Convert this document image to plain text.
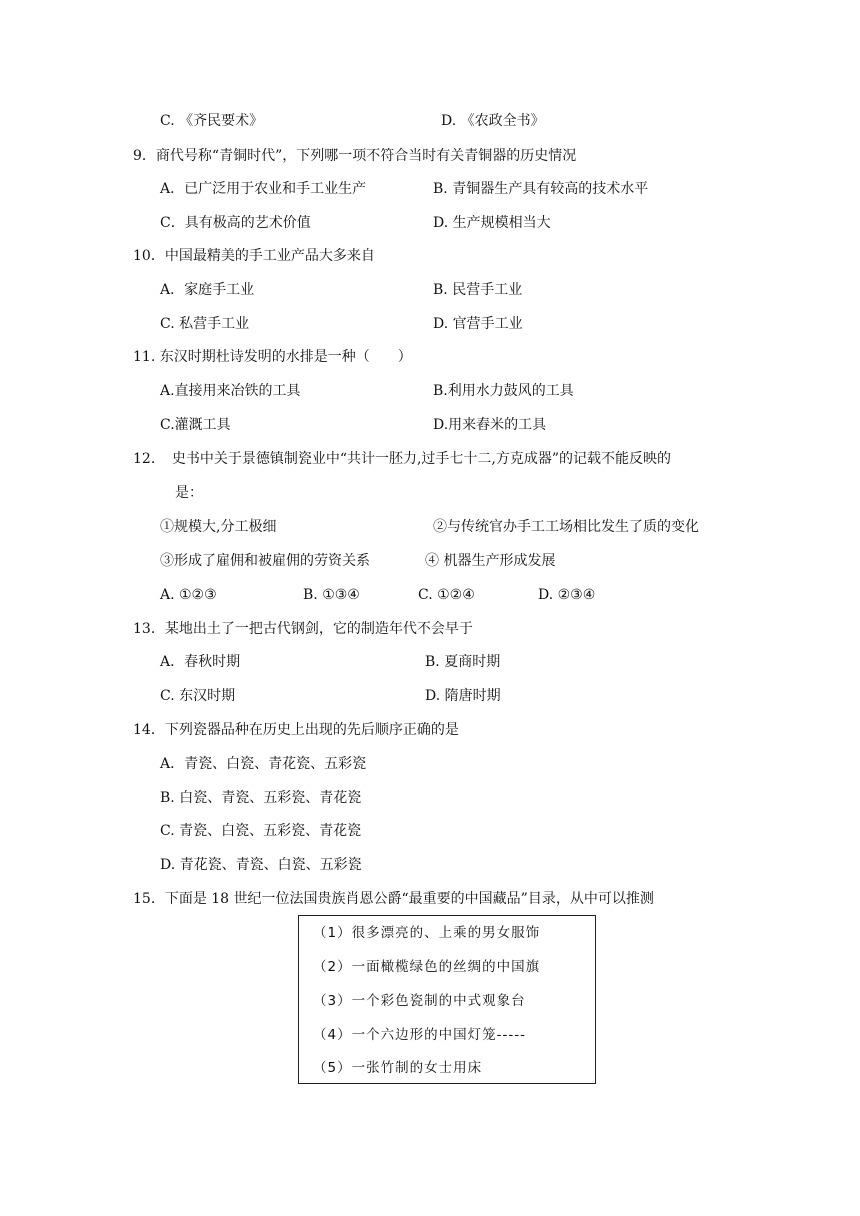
C. 《齐民要术》	D. 《农政全书》
9．商代号称“青铜时代”，下列哪一项不符合当时有关青铜器的历史情况
A．已广泛用于农业和手工业生产	B. 青铜器生产具有较高的技术水平
C．具有极高的艺术价值	D. 生产规模相当大
10．中国最精美的手工业产品大多来自
A．家庭手工业	B. 民营手工业
C. 私营手工业	D. 官营手工业
11. 东汉时期杜诗发明的水排是一种（　　）
A.直接用来冶铁的工具	B.利用水力鼓风的工具
C.灌溉工具	D.用来舂米的工具
12．　史书中关于景德镇制瓷业中“共计一胚力,过手七十二,方克成器”的记载不能反映的
是：
①规模大,分工极细	②与传统官办手工工场相比发生了质的变化
③形成了雇佣和被雇佣的劳资关系	④ 机器生产形成发展
A. ①②③	B. ①③④	C. ①②④	D. ②③④
13．某地出土了一把古代钢剑，它的制造年代不会早于
A．春秋时期	B. 夏商时期
C. 东汉时期	D. 隋唐时期
14．下列瓷器品种在历史上出现的先后顺序正确的是
A．青瓷、白瓷、青花瓷、五彩瓷
B. 白瓷、青瓷、五彩瓷、青花瓷
C. 青瓷、白瓷、五彩瓷、青花瓷
D. 青花瓷、青瓷、白瓷、五彩瓷
15．下面是 18 世纪一位法国贵族肖恩公爵“最重要的中国藏品”目录，从中可以推测
（1）很多漂亮的、上乘的男女服饰
（2）一面橄榄绿色的丝绸的中国旗
（3）一个彩色瓷制的中式观象台
（4）一个六边形的中国灯笼-----
（5）一张竹制的女士用床
